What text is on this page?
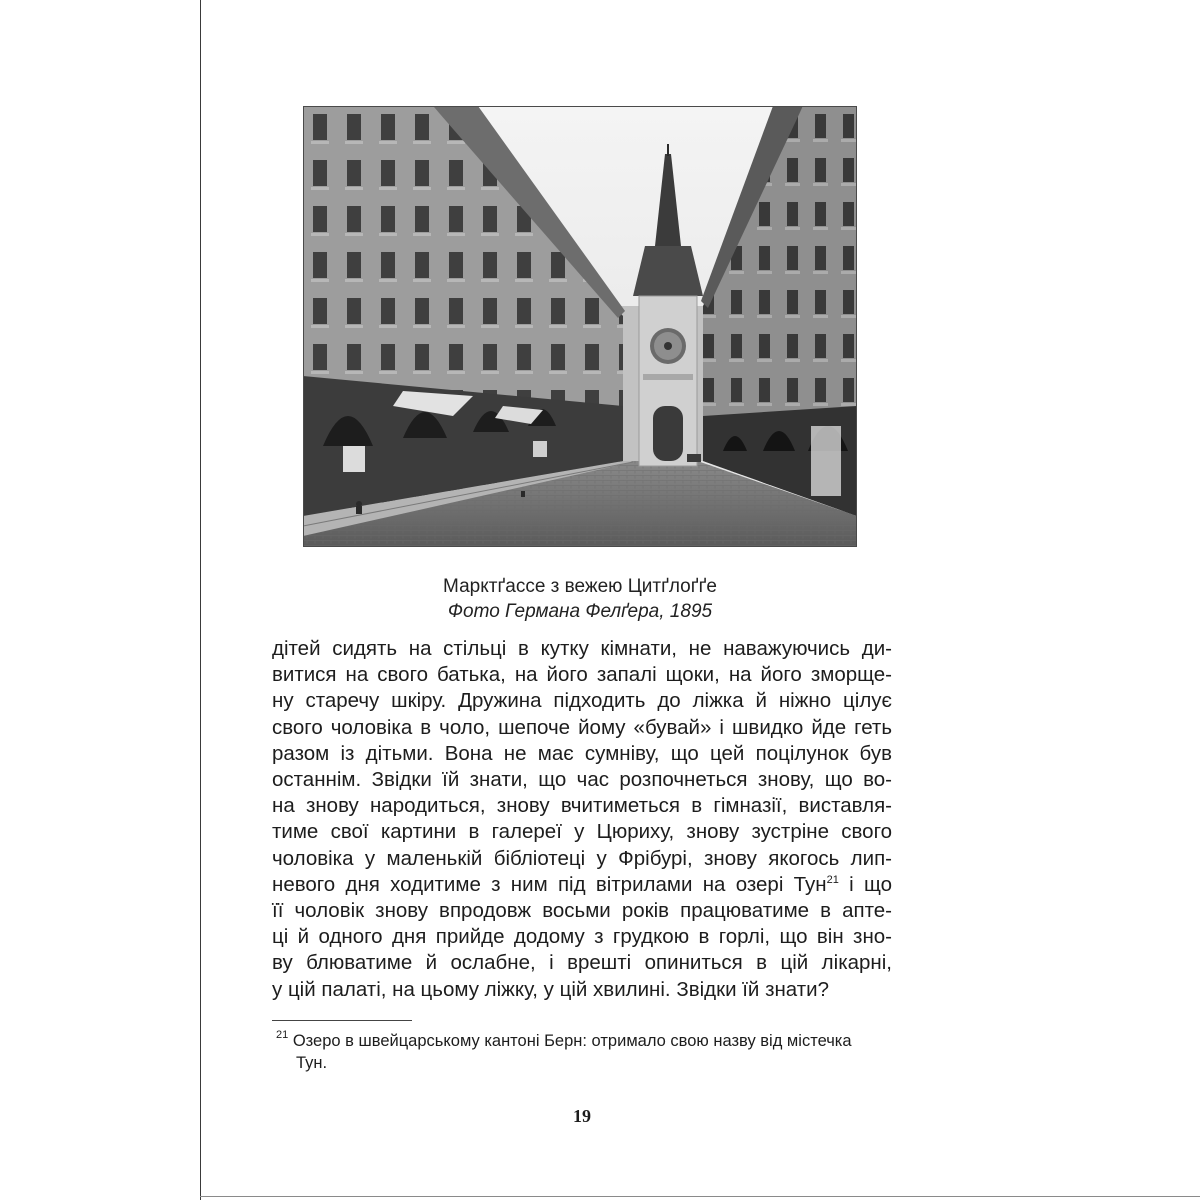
Марктґассе з вежею Цитґлоґґе
Фото Германа Фелґера, 1895
дітей сидять на стільці в кутку кімнати, не наважуючись ди-
витися на свого батька, на його запалі щоки, на його зморще-
ну старечу шкіру. Дружина підходить до ліжка й ніжно цілує
свого чоловіка в чоло, шепоче йому «бувай» і швидко йде геть
разом із дітьми. Вона не має сумніву, що цей поцілунок був
останнім. Звідки їй знати, що час розпочнеться знову, що во-
на знову народиться, знову вчитиметься в гімназії, виставля-
тиме свої картини в галереї у Цюриху, знову зустріне свого
чоловіка у маленькій бібліотеці у Фрібурі, знову якогось лип-
невого дня ходитиме з ним під вітрилами на озері Тун$^{21}$ і що
її чоловік знову впродовж восьми років працюватиме в апте-
ці й одного дня прийде додому з грудкою в горлі, що він зно-
ву блюватиме й ослабне, і врешті опиниться в цій лікарні,
у цій палаті, на цьому ліжку, у цій хвилині. Звідки їй знати?
$^{21}$ Озеро в швейцарському кантоні Берн: отримало свою назву від містечка
Тун.
19
